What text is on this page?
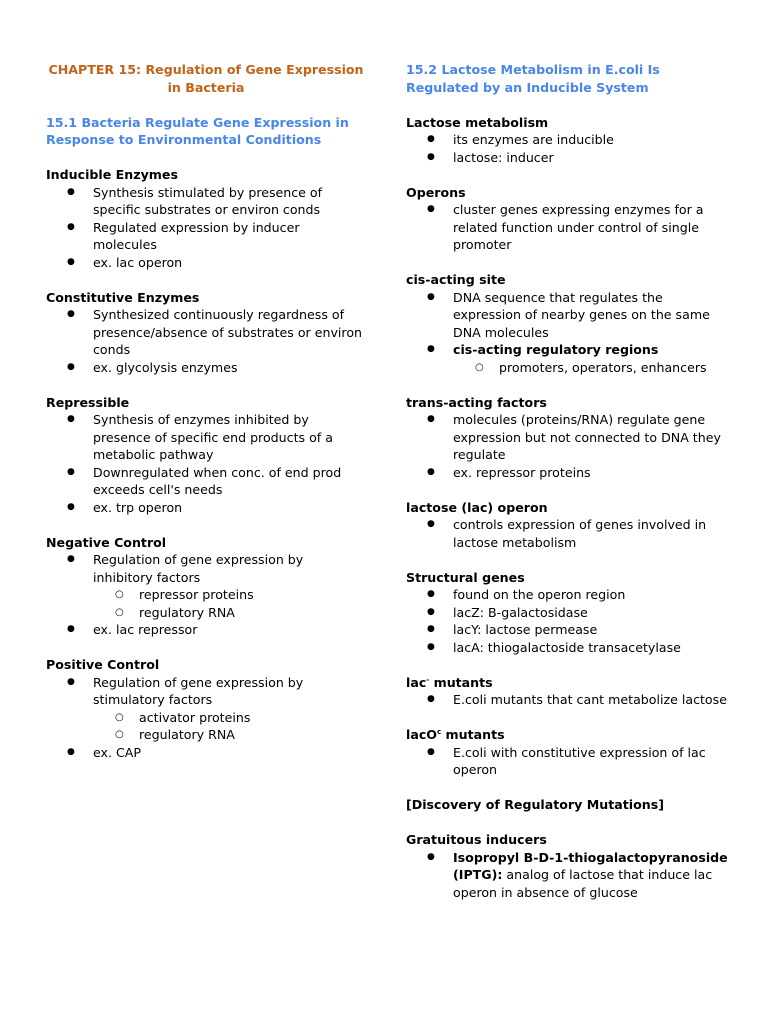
CHAPTER 15: Regulation of Gene Expression in Bacteria
15.1 Bacteria Regulate Gene Expression in Response to Environmental Conditions
Inducible Enzymes
● Synthesis stimulated by presence of specific substrates or environ conds
● Regulated expression by inducer molecules
● ex. lac operon
Constitutive Enzymes
● Synthesized continuously regardness of presence/absence of substrates or environ conds
● ex. glycolysis enzymes
Repressible
● Synthesis of enzymes inhibited by presence of specific end products of a metabolic pathway
● Downregulated when conc. of end prod exceeds cell's needs
● ex. trp operon
Negative Control
● Regulation of gene expression by inhibitory factors
○ repressor proteins
○ regulatory RNA
● ex. lac repressor
Positive Control
● Regulation of gene expression by stimulatory factors
○ activator proteins
○ regulatory RNA
● ex. CAP
15.2 Lactose Metabolism in E.coli Is Regulated by an Inducible System
Lactose metabolism
● its enzymes are inducible
● lactose: inducer
Operons
● cluster genes expressing enzymes for a related function under control of single promoter
cis-acting site
● DNA sequence that regulates the expression of nearby genes on the same DNA molecules
● cis-acting regulatory regions
○ promoters, operators, enhancers
trans-acting factors
● molecules (proteins/RNA) regulate gene expression but not connected to DNA they regulate
● ex. repressor proteins
lactose (lac) operon
● controls expression of genes involved in lactose metabolism
Structural genes
● found on the operon region
● lacZ: B-galactosidase
● lacY: lactose permease
● lacA: thiogalactoside transacetylase
lac- mutants
● E.coli mutants that cant metabolize lactose
lacO$^c$ mutants
● E.coli with constitutive expression of lac operon
[Discovery of Regulatory Mutations]
Gratuitous inducers
● Isopropyl B-D-1-thiogalactopyranoside (IPTG): analog of lactose that induce lac operon in absence of glucose
